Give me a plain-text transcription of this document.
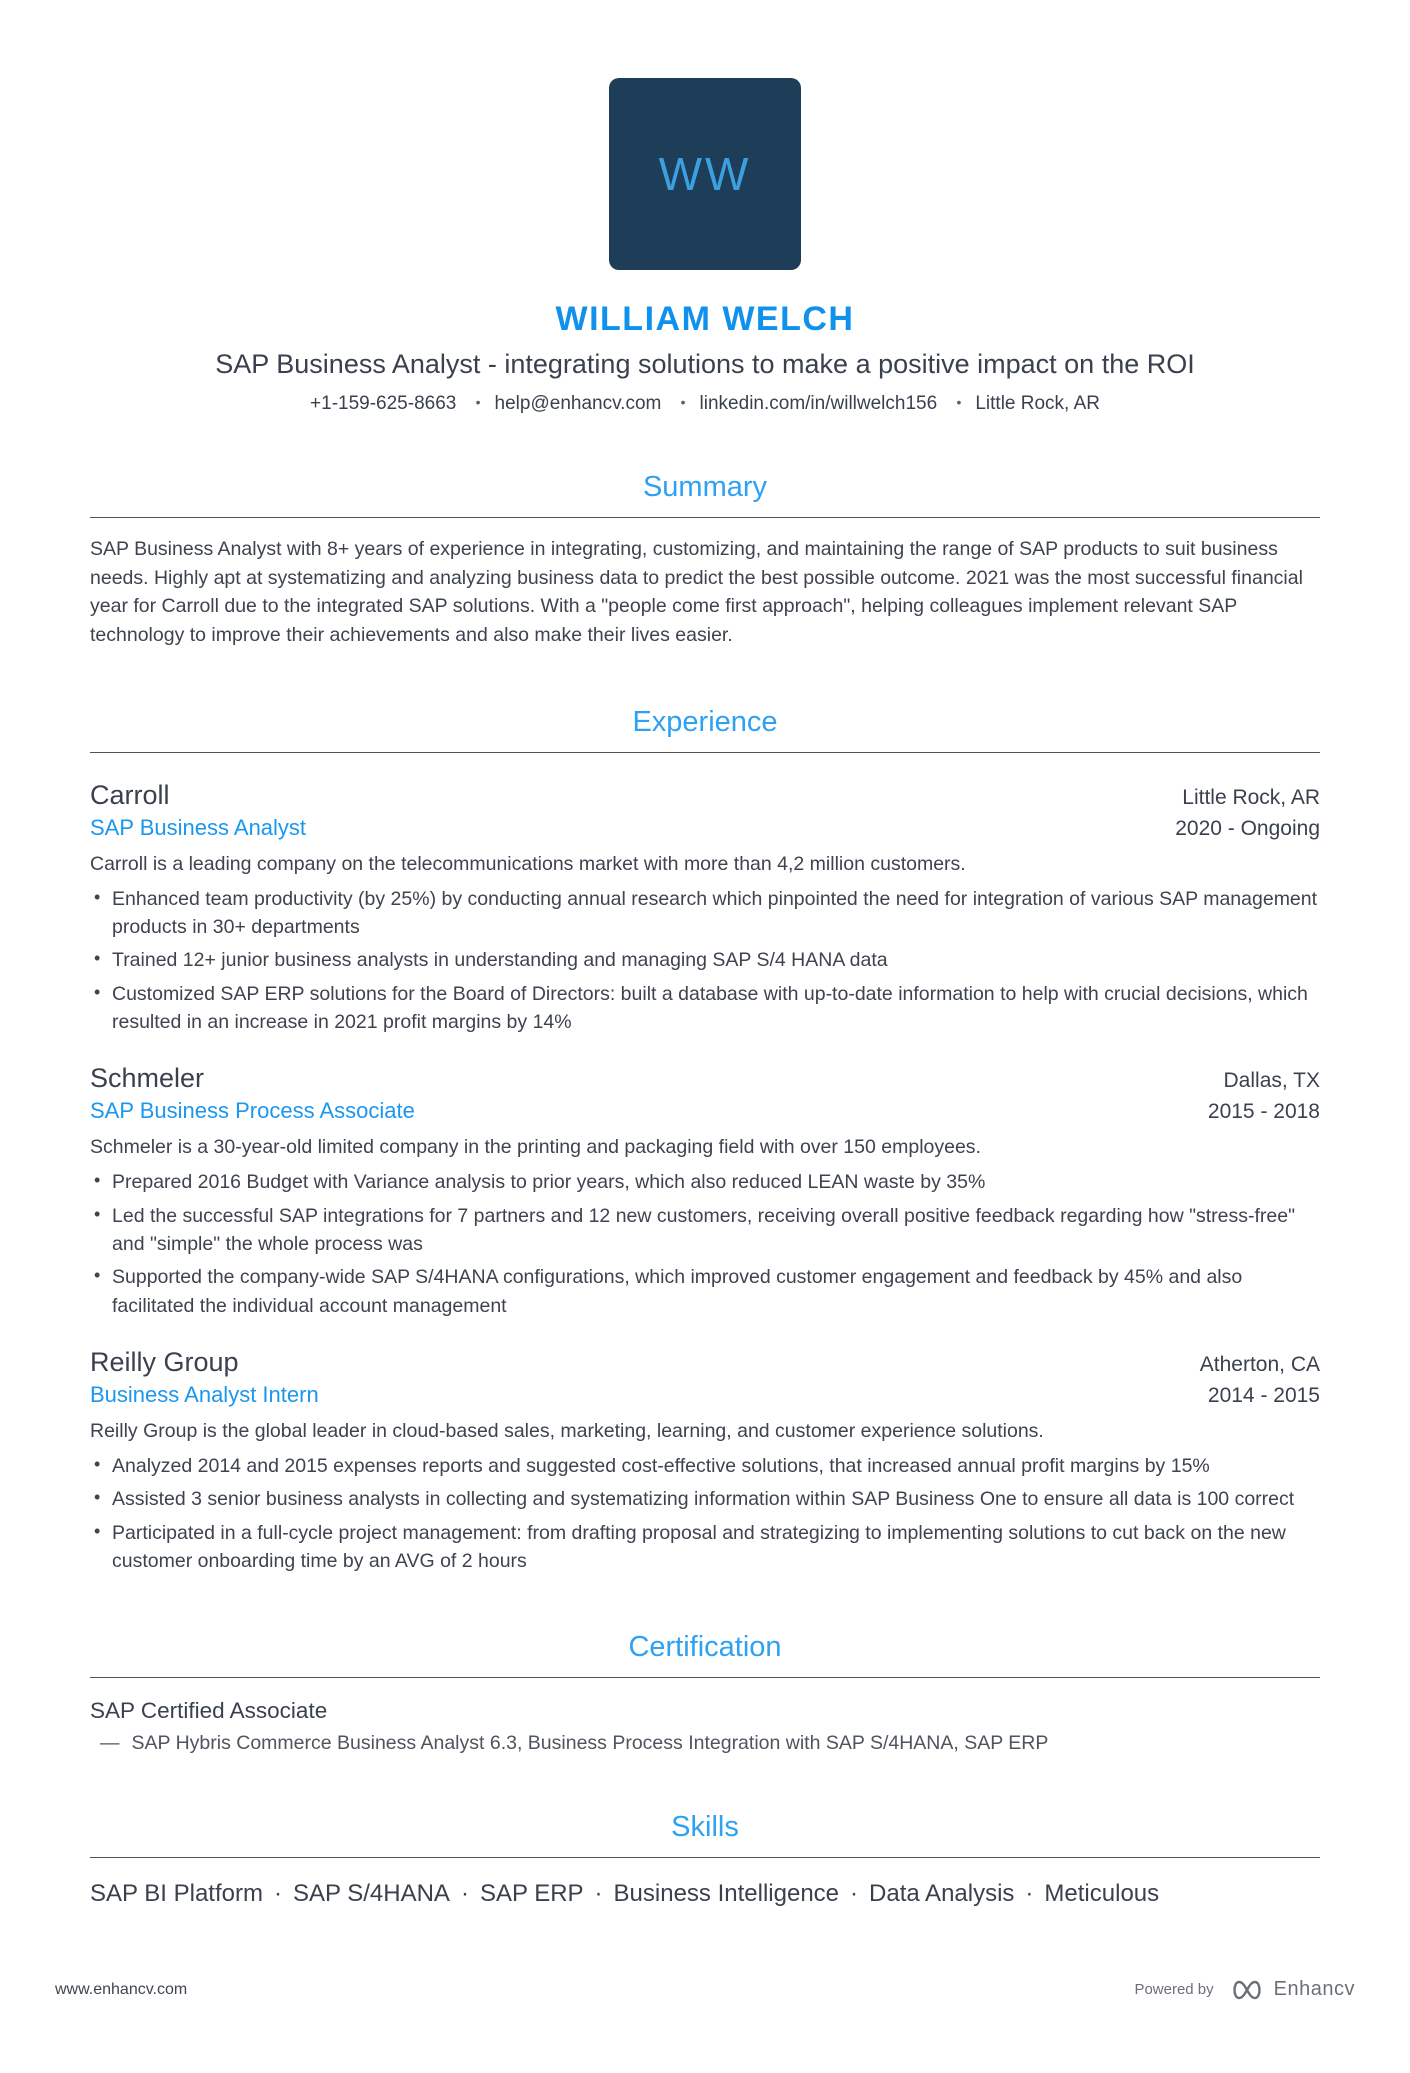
WW
WILLIAM WELCH
SAP Business Analyst - integrating solutions to make a positive impact on the ROI
+1-159-625-8663 • help@enhancv.com • linkedin.com/in/willwelch156 • Little Rock, AR
Summary

SAP Business Analyst with 8+ years of experience in integrating, customizing, and maintaining the range of SAP products to suit business needs. Highly apt at systematizing and analyzing business data to predict the best possible outcome. 2021 was the most successful financial year for Carroll due to the integrated SAP solutions. With a "people come first approach", helping colleagues implement relevant SAP technology to improve their achievements and also make their lives easier.

Experience
Carroll	Little Rock, AR
SAP Business Analyst	2020 - Ongoing

Carroll is a leading company on the telecommunications market with more than 4,2 million customers.

• Enhanced team productivity (by 25%) by conducting annual research which pinpointed the need for integration of various SAP management products in 30+ departments
• Trained 12+ junior business analysts in understanding and managing SAP S/4 HANA data
• Customized SAP ERP solutions for the Board of Directors: built a database with up-to-date information to help with crucial decisions, which resulted in an increase in 2021 profit margins by 14%
Schmeler	Dallas, TX
SAP Business Process Associate	2015 - 2018

Schmeler is a 30-year-old limited company in the printing and packaging field with over 150 employees.

• Prepared 2016 Budget with Variance analysis to prior years, which also reduced LEAN waste by 35%
• Led the successful SAP integrations for 7 partners and 12 new customers, receiving overall positive feedback regarding how "stress-free" and "simple" the whole process was
• Supported the company-wide SAP S/4HANA configurations, which improved customer engagement and feedback by 45% and also facilitated the individual account management
Reilly Group	Atherton, CA
Business Analyst Intern	2014 - 2015

Reilly Group is the global leader in cloud-based sales, marketing, learning, and customer experience solutions.

• Analyzed 2014 and 2015 expenses reports and suggested cost-effective solutions, that increased annual profit margins by 15%
• Assisted 3 senior business analysts in collecting and systematizing information within SAP Business One to ensure all data is 100 correct
• Participated in a full-cycle project management: from drafting proposal and strategizing to implementing solutions to cut back on the new customer onboarding time by an AVG of 2 hours
Certification
SAP Certified Associate
— SAP Hybris Commerce Business Analyst 6.3, Business Process Integration with SAP S/4HANA, SAP ERP
Skills
SAP BI Platform · SAP S/4HANA · SAP ERP · Business Intelligence · Data Analysis · Meticulous
www.enhancv.com	Powered by	Enhancv
